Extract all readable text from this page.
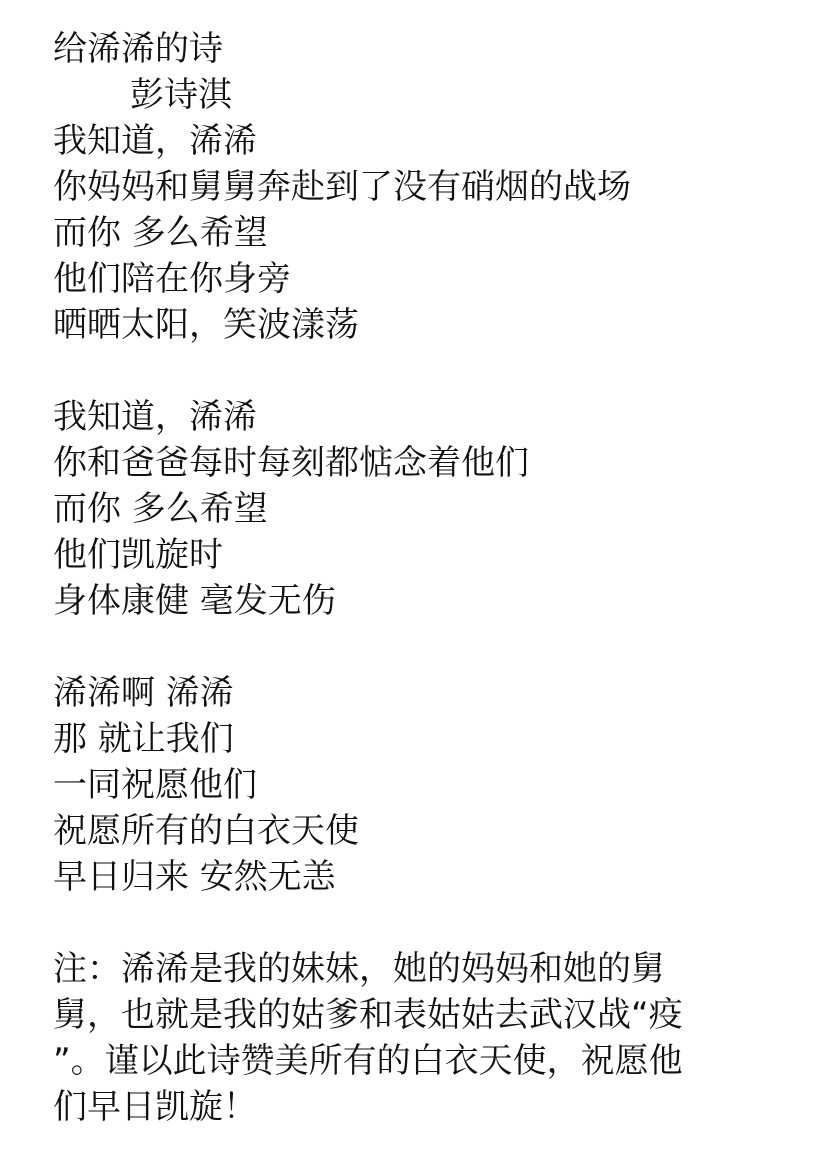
给浠浠的诗
彭诗淇
我知道，浠浠
你妈妈和舅舅奔赴到了没有硝烟的战场
而你 多么希望
他们陪在你身旁
晒晒太阳，笑波漾荡
我知道，浠浠
你和爸爸每时每刻都惦念着他们
而你 多么希望
他们凯旋时
身体康健 毫发无伤
浠浠啊 浠浠
那 就让我们
一同祝愿他们
祝愿所有的白衣天使
早日归来 安然无恙
注：浠浠是我的妹妹，她的妈妈和她的舅
舅，也就是我的姑爹和表姑姑去武汉战“疫
”。谨以此诗赞美所有的白衣天使，祝愿他
们早日凯旋！
